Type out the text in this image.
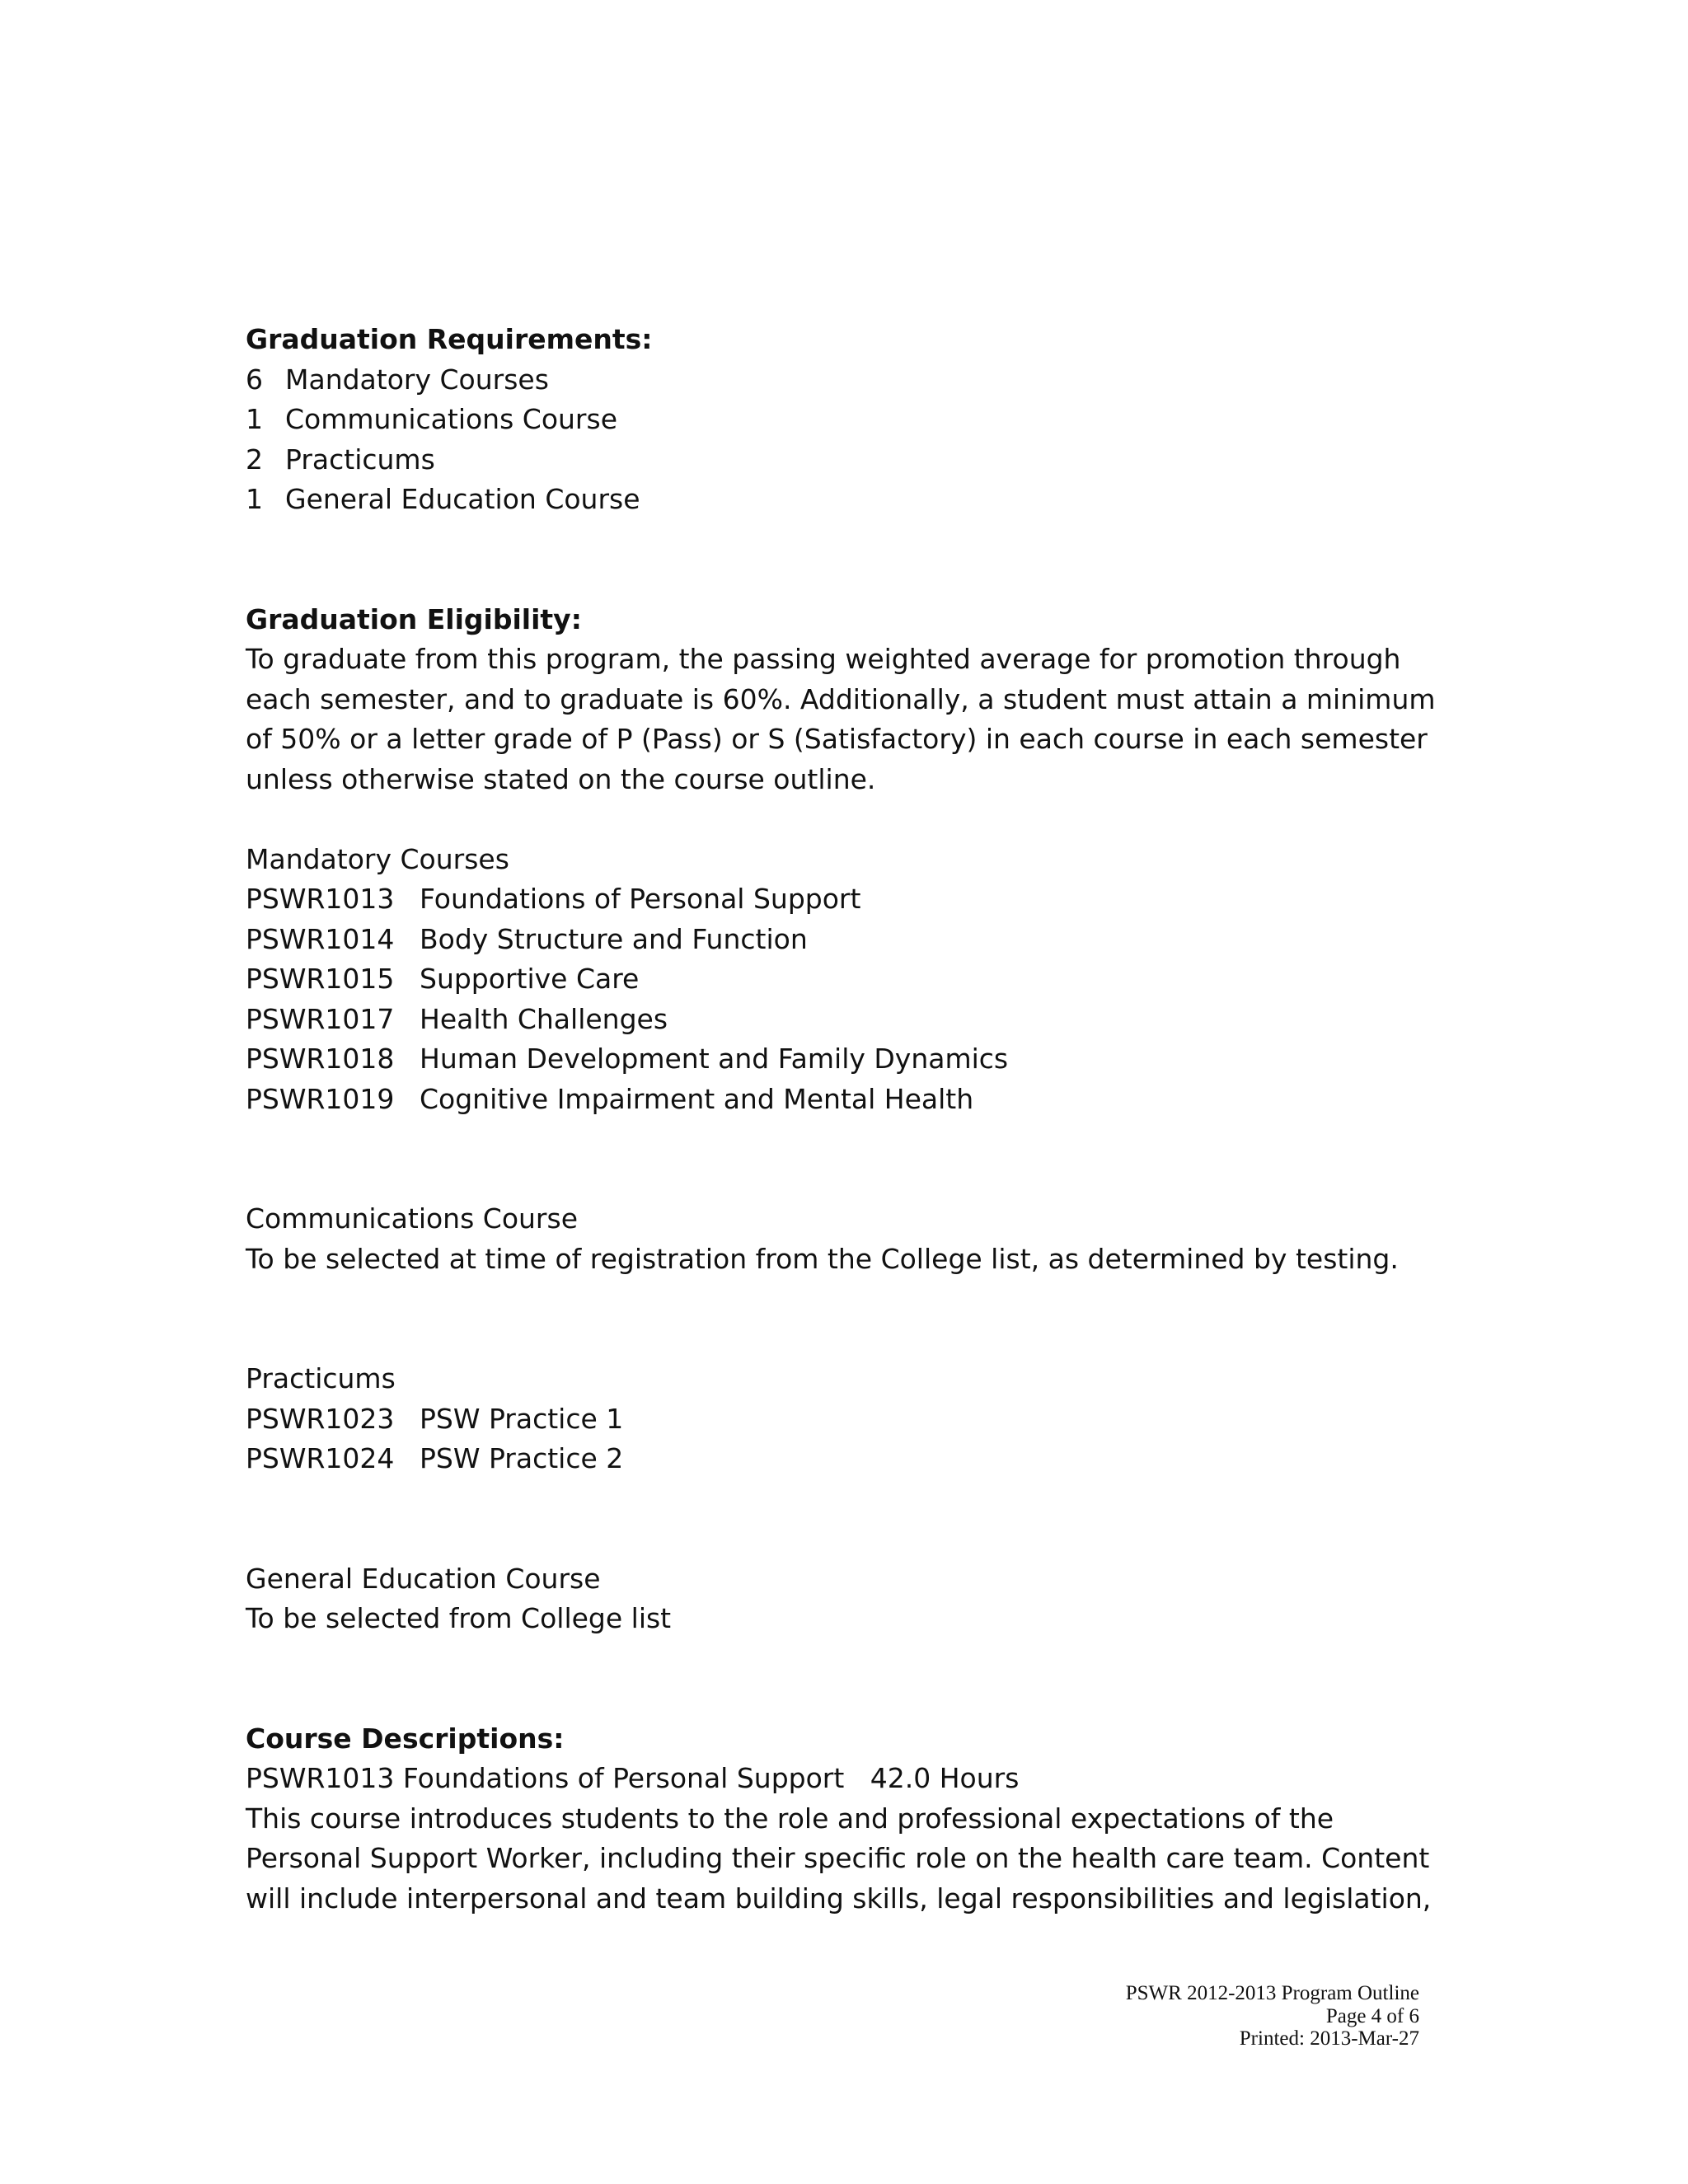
Graduation Requirements:
6 Mandatory Courses
1 Communications Course
2 Practicums
1 General Education Course
Graduation Eligibility:
To graduate from this program, the passing weighted average for promotion through
each semester, and to graduate is 60%. Additionally, a student must attain a minimum
of 50% or a letter grade of P (Pass) or S (Satisfactory) in each course in each semester
unless otherwise stated on the course outline.
Mandatory Courses
PSWR1013 Foundations of Personal Support
PSWR1014 Body Structure and Function
PSWR1015 Supportive Care
PSWR1017 Health Challenges
PSWR1018 Human Development and Family Dynamics
PSWR1019 Cognitive Impairment and Mental Health
Communications Course
To be selected at time of registration from the College list, as determined by testing.
Practicums
PSWR1023 PSW Practice 1
PSWR1024 PSW Practice 2
General Education Course
To be selected from College list
Course Descriptions:
PSWR1013 Foundations of Personal Support   42.0 Hours
This course introduces students to the role and professional expectations of the
Personal Support Worker, including their specific role on the health care team. Content
will include interpersonal and team building skills, legal responsibilities and legislation,
PSWR 2012-2013 Program Outline
Page 4 of 6
Printed: 2013-Mar-27
